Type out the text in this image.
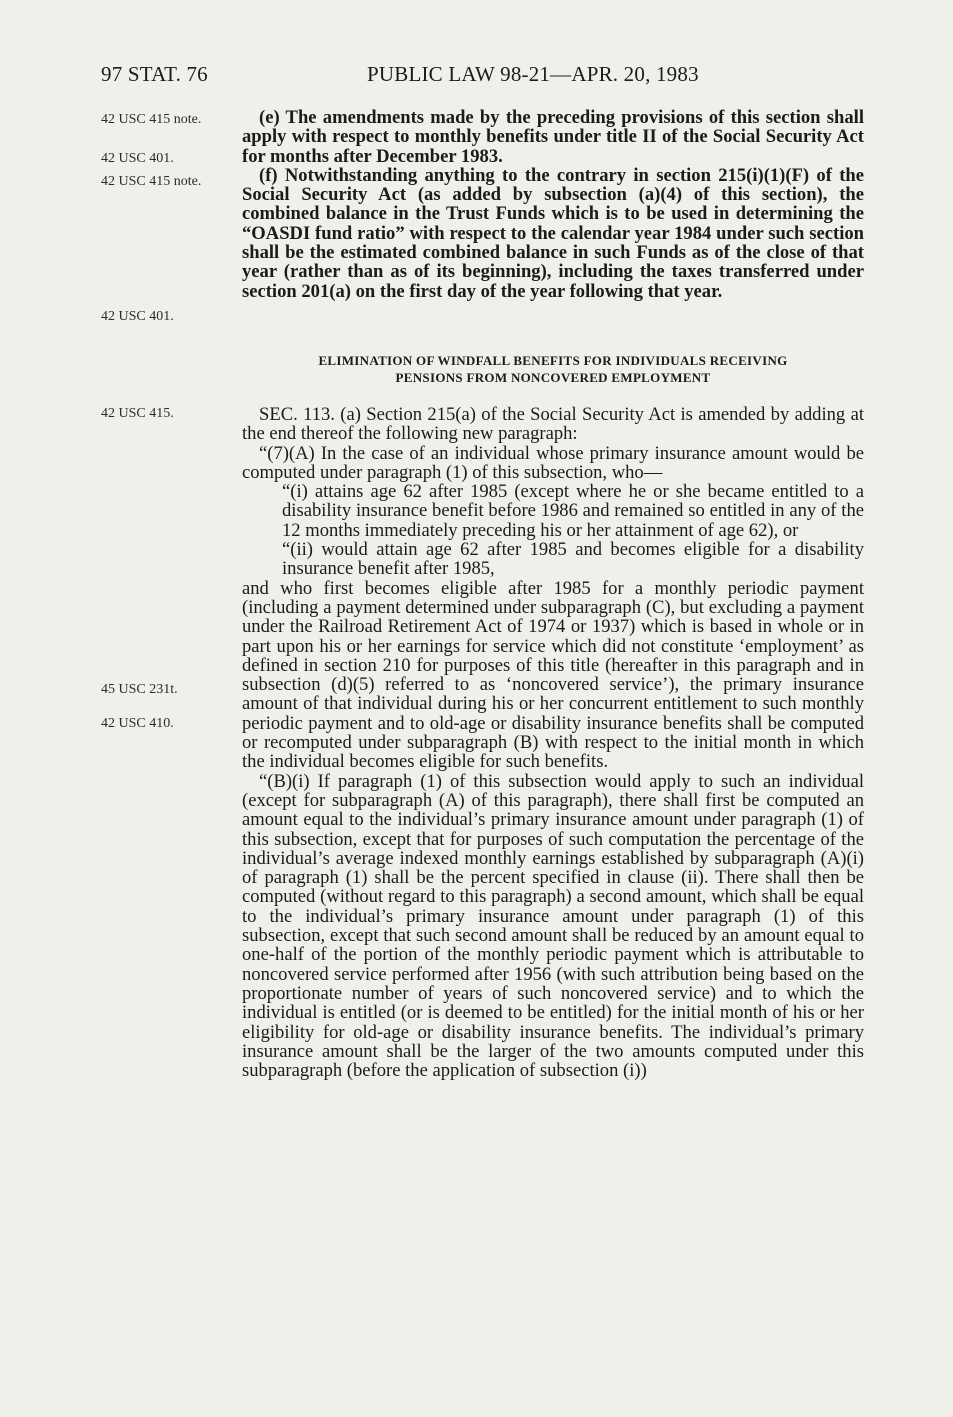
97 STAT. 76	PUBLIC LAW 98-21—APR. 20, 1983
42 USC 415 note.
42 USC 401.
42 USC 415 note.
42 USC 401.
42 USC 415.
45 USC 231t.
42 USC 410.

(e) The amendments made by the preceding provisions of this section shall apply with respect to monthly benefits under title II of the Social Security Act for months after December 1983.

(f) Notwithstanding anything to the contrary in section 215(i)(1)(F) of the Social Security Act (as added by subsection (a)(4) of this section), the combined balance in the Trust Funds which is to be used in determining the “OASDI fund ratio” with respect to the calendar year 1984 under such section shall be the estimated combined balance in such Funds as of the close of that year (rather than as of its beginning), including the taxes transferred under section 201(a) on the first day of the year following that year.

ELIMINATION OF WINDFALL BENEFITS FOR INDIVIDUALS RECEIVING
PENSIONS FROM NONCOVERED EMPLOYMENT

SEC. 113. (a) Section 215(a) of the Social Security Act is amended by adding at the end thereof the following new paragraph:

“(7)(A) In the case of an individual whose primary insurance amount would be computed under paragraph (1) of this subsection, who—

“(i) attains age 62 after 1985 (except where he or she became entitled to a disability insurance benefit before 1986 and remained so entitled in any of the 12 months immediately preceding his or her attainment of age 62), or

“(ii) would attain age 62 after 1985 and becomes eligible for a disability insurance benefit after 1985,

and who first becomes eligible after 1985 for a monthly periodic payment (including a payment determined under subparagraph (C), but excluding a payment under the Railroad Retirement Act of 1974 or 1937) which is based in whole or in part upon his or her earnings for service which did not constitute ‘employment’ as defined in section 210 for purposes of this title (hereafter in this paragraph and in subsection (d)(5) referred to as ‘noncovered service’), the primary insurance amount of that individual during his or her concurrent entitlement to such monthly periodic payment and to old-age or disability insurance benefits shall be computed or recomputed under subparagraph (B) with respect to the initial month in which the individual becomes eligible for such benefits.

“(B)(i) If paragraph (1) of this subsection would apply to such an individual (except for subparagraph (A) of this paragraph), there shall first be computed an amount equal to the individual’s primary insurance amount under paragraph (1) of this subsection, except that for purposes of such computation the percentage of the individual’s average indexed monthly earnings established by subparagraph (A)(i) of paragraph (1) shall be the percent specified in clause (ii). There shall then be computed (without regard to this paragraph) a second amount, which shall be equal to the individual’s primary insurance amount under paragraph (1) of this subsection, except that such second amount shall be reduced by an amount equal to one-half of the portion of the monthly periodic payment which is attributable to noncovered service performed after 1956 (with such attribution being based on the proportionate number of years of such noncovered service) and to which the individual is entitled (or is deemed to be entitled) for the initial month of his or her eligibility for old-age or disability insurance benefits. The individual’s primary insurance amount shall be the larger of the two amounts computed under this subparagraph (before the application of subsection (i))
